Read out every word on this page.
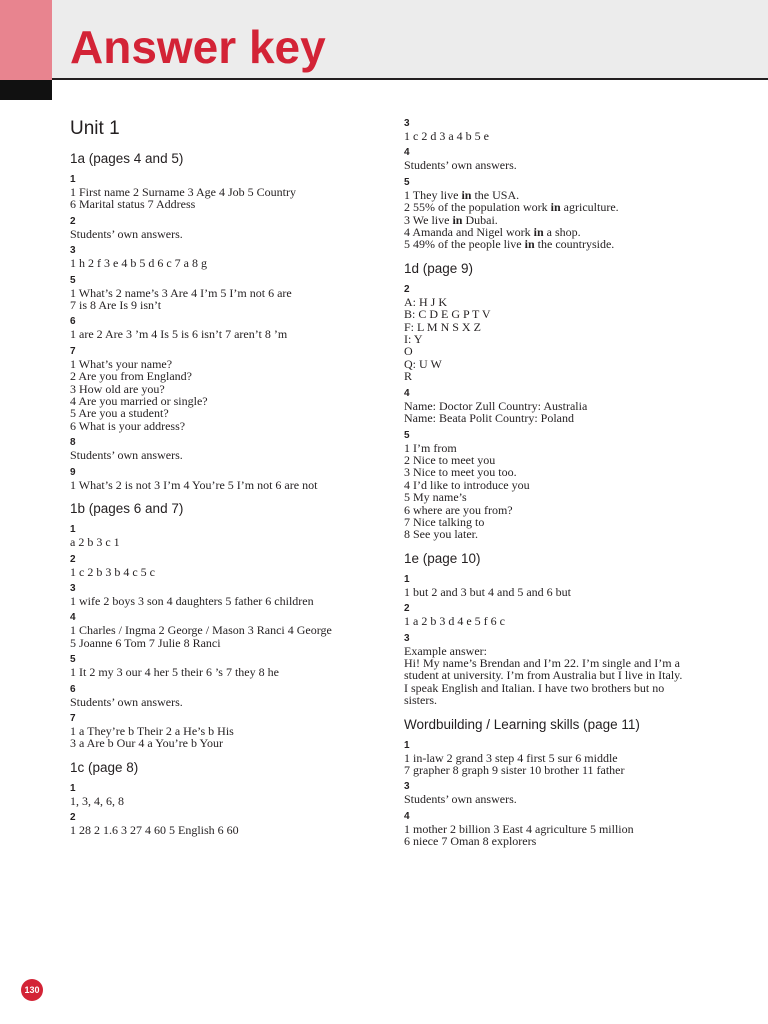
Answer key
Unit 1
1a (pages 4 and 5)
1
1 First name 2 Surname 3 Age 4 Job 5 Country
6 Marital status 7 Address
2
Students’ own answers.
3
1 h 2 f 3 e 4 b 5 d 6 c 7 a 8 g
5
1 What’s 2 name’s 3 Are 4 I’m 5 I’m not 6 are
7 is 8 Are Is 9 isn’t
6
1 are 2 Are 3 ’m 4 Is 5 is 6 isn’t 7 aren’t 8 ’m
7
1 What’s your name?
2 Are you from England?
3 How old are you?
4 Are you married or single?
5 Are you a student?
6 What is your address?
8
Students’ own answers.
9
1 What’s 2 is not 3 I’m 4 You’re 5 I’m not 6 are not
1b (pages 6 and 7)
1
a 2 b 3 c 1
2
1 c 2 b 3 b 4 c 5 c
3
1 wife 2 boys 3 son 4 daughters 5 father 6 children
4
1 Charles / Ingma 2 George / Mason 3 Ranci 4 George
5 Joanne 6 Tom 7 Julie 8 Ranci
5
1 It 2 my 3 our 4 her 5 their 6 ’s 7 they 8 he
6
Students’ own answers.
7
1 a They’re b Their 2 a He’s b His
3 a Are b Our 4 a You’re b Your
1c (page 8)
1
1, 3, 4, 6, 8
2
1 28 2 1.6 3 27 4 60 5 English 6 60
3
1 c 2 d 3 a 4 b 5 e
4
Students’ own answers.
5
1 They live in the USA.
2 55% of the population work in agriculture.
3 We live in Dubai.
4 Amanda and Nigel work in a shop.
5 49% of the people live in the countryside.
1d (page 9)
2
A: H J K
B: C D E G P T V
F: L M N S X Z
I: Y
O
Q: U W
R
4
Name: Doctor Zull Country: Australia
Name: Beata Polit Country: Poland
5
1 I’m from
2 Nice to meet you
3 Nice to meet you too.
4 I’d like to introduce you
5 My name’s
6 where are you from?
7 Nice talking to
8 See you later.
1e (page 10)
1
1 but 2 and 3 but 4 and 5 and 6 but
2
1 a 2 b 3 d 4 e 5 f 6 c
3
Example answer:
Hi! My name’s Brendan and I’m 22. I’m single and I’m a
student at university. I’m from Australia but I live in Italy.
I speak English and Italian. I have two brothers but no
sisters.
Wordbuilding / Learning skills (page 11)
1
1 in-law 2 grand 3 step 4 first 5 sur 6 middle
7 grapher 8 graph 9 sister 10 brother 11 father
3
Students’ own answers.
4
1 mother 2 billion 3 East 4 agriculture 5 million
6 niece 7 Oman 8 explorers
130
